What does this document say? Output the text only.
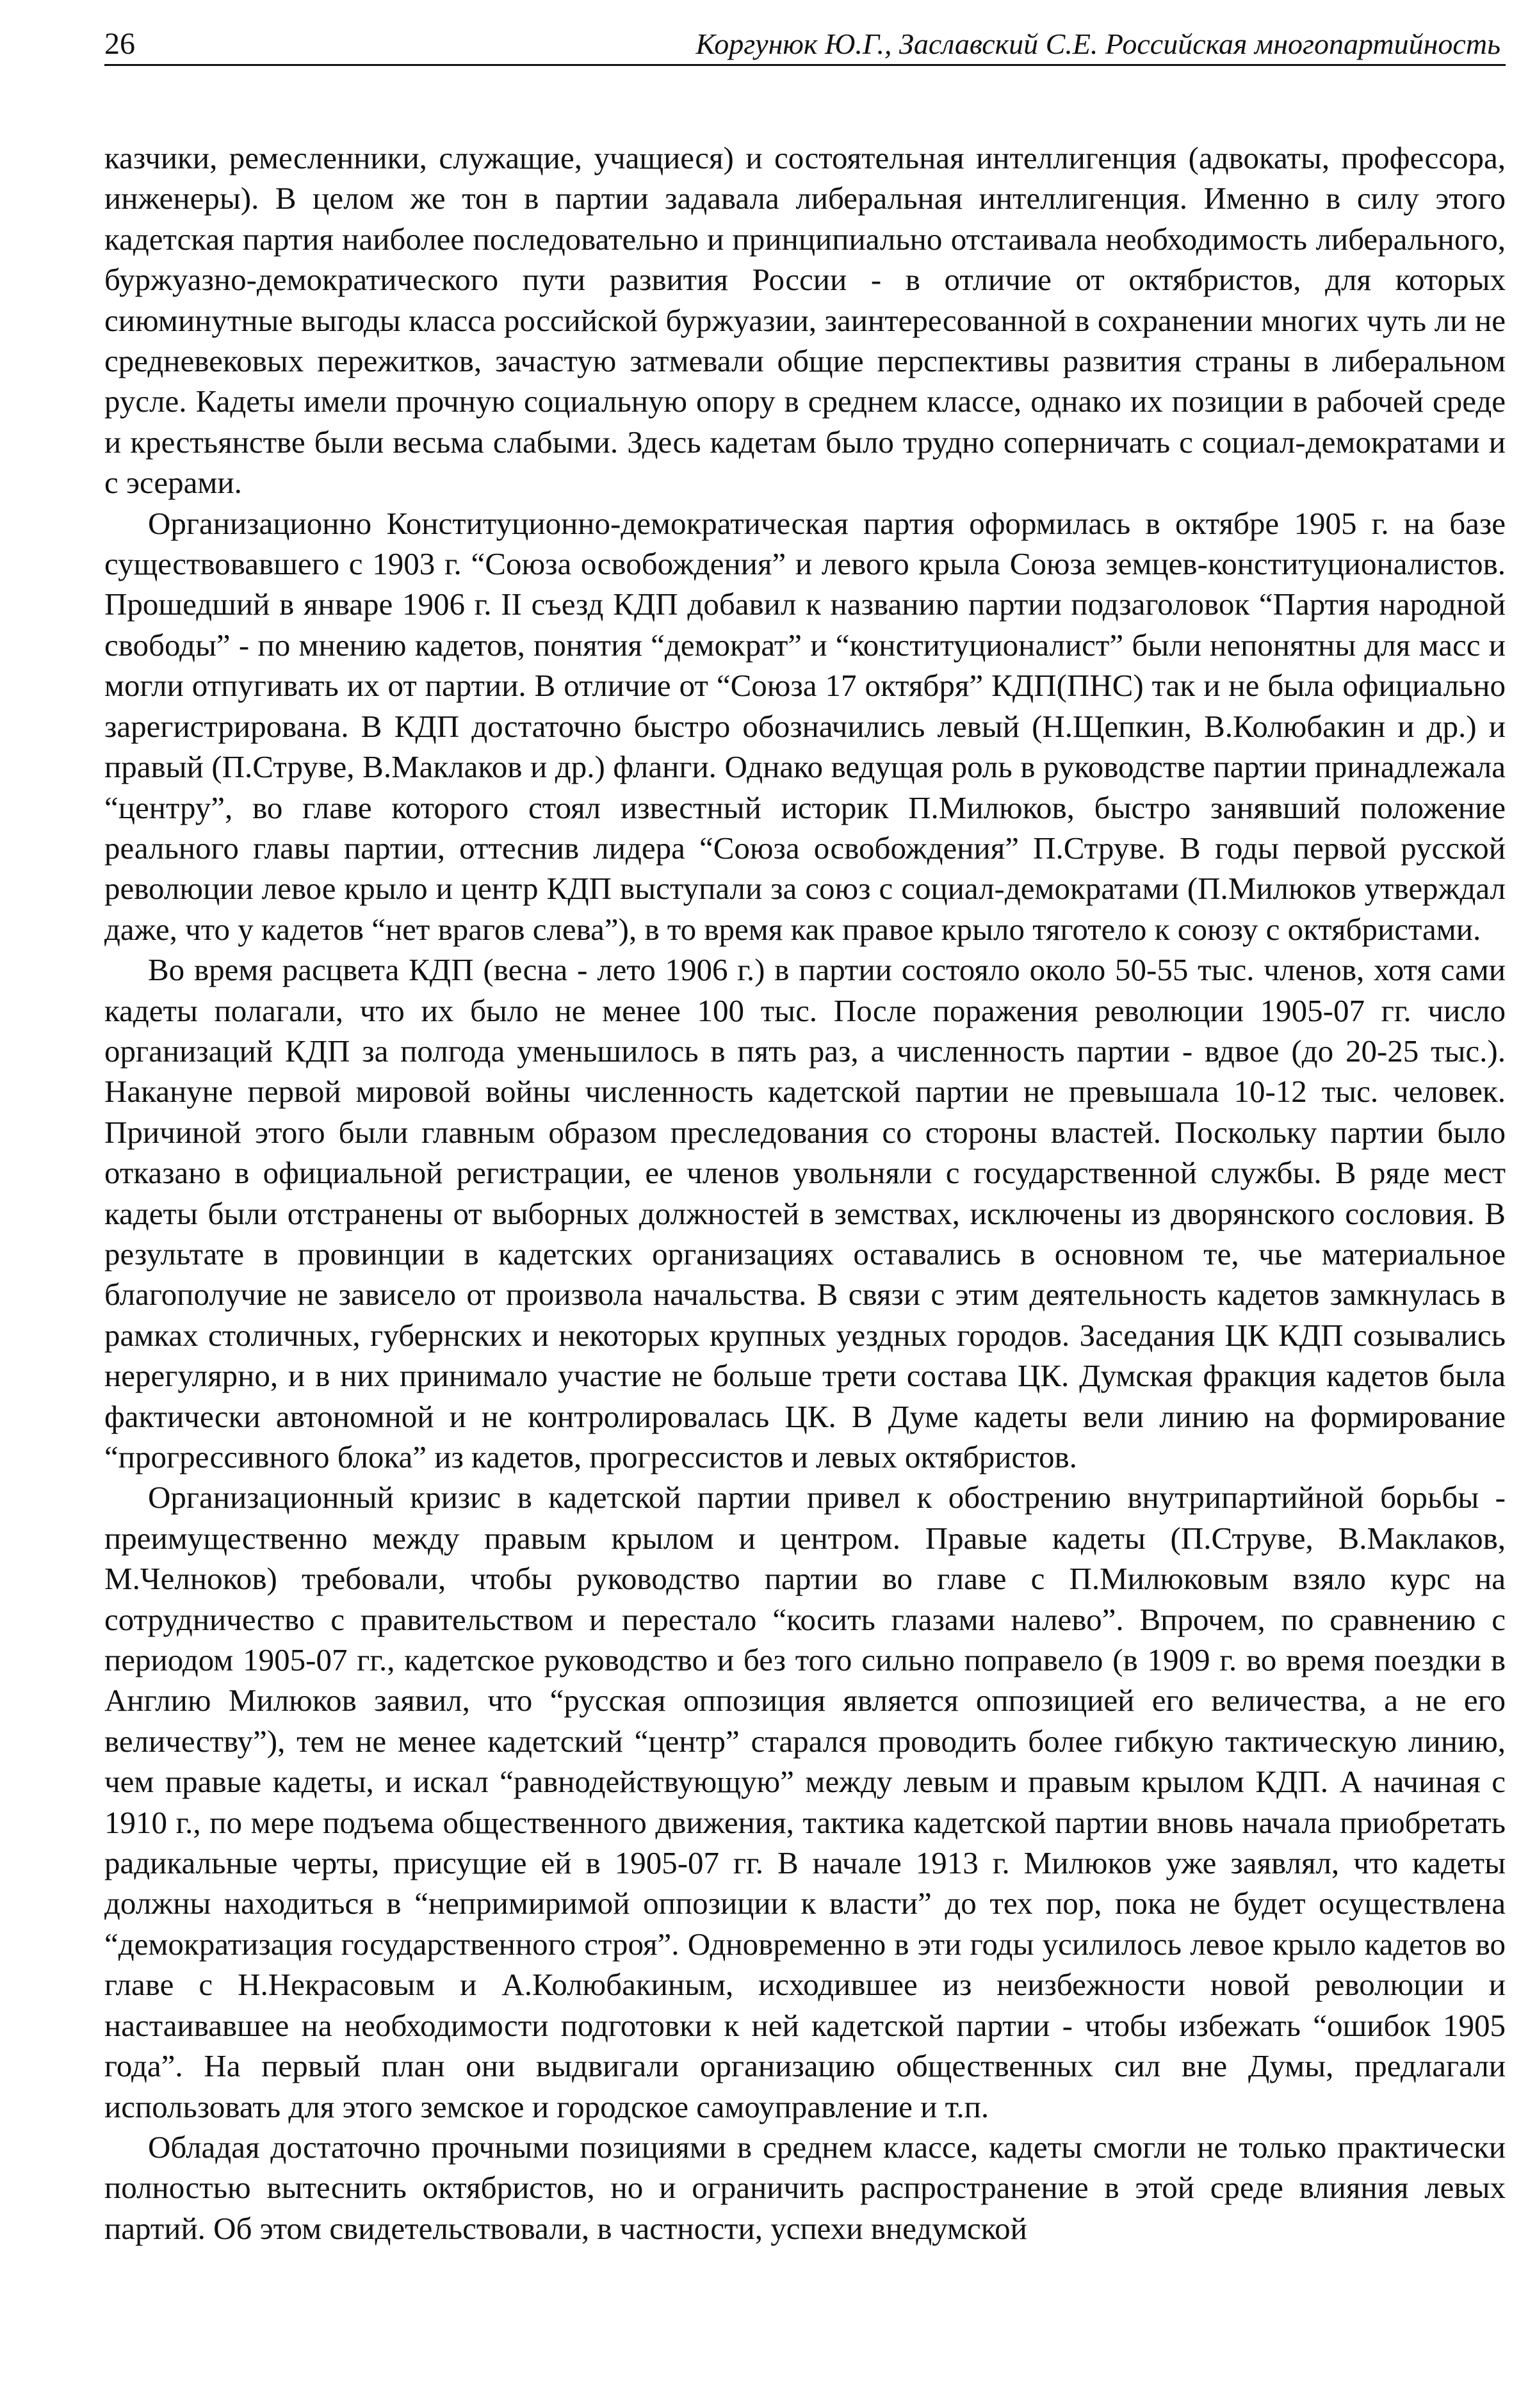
26	Коргунюк Ю.Г., Заславский С.Е. Российская многопартийность

казчики, ремесленники, служащие, учащиеся) и состоятельная интеллигенция (адвокаты, профессора, инженеры). В целом же тон в партии задавала либеральная интеллигенция. Именно в силу этого кадетская партия наиболее последовательно и принципиально отстаивала необходимость либерального, буржуазно-демократического пути развития России - в отличие от октябристов, для которых сиюминутные выгоды класса российской буржуазии, заинтересованной в сохранении многих чуть ли не средневековых пережитков, зачастую затмевали общие перспективы развития страны в либеральном русле. Кадеты имели прочную социальную опору в среднем классе, однако их позиции в рабочей среде и крестьянстве были весьма слабыми. Здесь кадетам было трудно соперничать с социал-демократами и с эсерами.

Организационно Конституционно-демократическая партия оформилась в октябре 1905 г. на базе существовавшего с 1903 г. “Союза освобождения” и левого крыла Союза земцев-конституционалистов. Прошедший в январе 1906 г. II съезд КДП добавил к названию партии подзаголовок “Партия народной свободы” - по мнению кадетов, понятия “демократ” и “конституционалист” были непонятны для масс и могли отпугивать их от партии. В отличие от “Союза 17 октября” КДП(ПНС) так и не была официально зарегистрирована. В КДП достаточно быстро обозначились левый (Н.Щепкин, В.Колюбакин и др.) и правый (П.Струве, В.Маклаков и др.) фланги. Однако ведущая роль в руководстве партии принадлежала “центру”, во главе которого стоял известный историк П.Милюков, быстро занявший положение реального главы партии, оттеснив лидера “Союза освобождения” П.Струве. В годы первой русской революции левое крыло и центр КДП выступали за союз с социал-демократами (П.Милюков утверждал даже, что у кадетов “нет врагов слева”), в то время как правое крыло тяготело к союзу с октябристами.

Во время расцвета КДП (весна - лето 1906 г.) в партии состояло около 50-55 тыс. членов, хотя сами кадеты полагали, что их было не менее 100 тыс. После поражения революции 1905-07 гг. число организаций КДП за полгода уменьшилось в пять раз, а численность партии - вдвое (до 20-25 тыс.). Накануне первой мировой войны численность кадетской партии не превышала 10-12 тыс. человек. Причиной этого были главным образом преследования со стороны властей. Поскольку партии было отказано в официальной регистрации, ее членов увольняли с государственной службы. В ряде мест кадеты были отстранены от выборных должностей в земствах, исключены из дворянского сословия. В результате в провинции в кадетских организациях оставались в основном те, чье материальное благополучие не зависело от произвола начальства. В связи с этим деятельность кадетов замкнулась в рамках столичных, губернских и некоторых крупных уездных городов. Заседания ЦК КДП созывались нерегулярно, и в них принимало участие не больше трети состава ЦК. Думская фракция кадетов была фактически автономной и не контролировалась ЦК. В Думе кадеты вели линию на формирование “прогрессивного блока” из кадетов, прогрессистов и левых октябристов.

Организационный кризис в кадетской партии привел к обострению внутрипартийной борьбы - преимущественно между правым крылом и центром. Правые кадеты (П.Струве, В.Маклаков, М.Челноков) требовали, чтобы руководство партии во главе с П.Милюковым взяло курс на сотрудничество с правительством и перестало “косить глазами налево”. Впрочем, по сравнению с периодом 1905-07 гг., кадетское руководство и без того сильно поправело (в 1909 г. во время поездки в Англию Милюков заявил, что “русская оппозиция является оппозицией его величества, а не его величеству”), тем не менее кадетский “центр” старался проводить более гибкую тактическую линию, чем правые кадеты, и искал “равнодействующую” между левым и правым крылом КДП. А начиная с 1910 г., по мере подъема общественного движения, тактика кадетской партии вновь начала приобретать радикальные черты, присущие ей в 1905-07 гг. В начале 1913 г. Милюков уже заявлял, что кадеты должны находиться в “непримиримой оппозиции к власти” до тех пор, пока не будет осуществлена “демократизация государственного строя”. Одновременно в эти годы усилилось левое крыло кадетов во главе с Н.Некрасовым и А.Колюбакиным, исходившее из неизбежности новой революции и настаивавшее на необходимости подготовки к ней кадетской партии - чтобы избежать “ошибок 1905 года”. На первый план они выдвигали организацию общественных сил вне Думы, предлагали использовать для этого земское и городское самоуправление и т.п.

Обладая достаточно прочными позициями в среднем классе, кадеты смогли не только практически полностью вытеснить октябристов, но и ограничить распространение в этой среде влияния левых партий. Об этом свидетельствовали, в частности, успехи внедумской
